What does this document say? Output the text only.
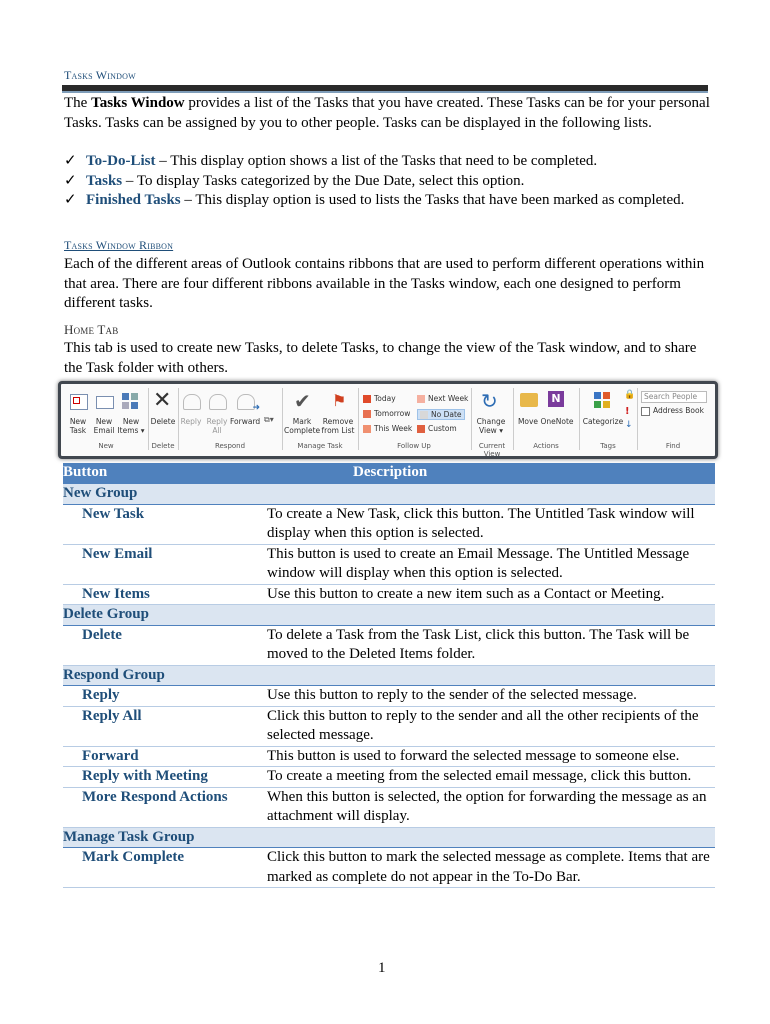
Tasks Window
The Tasks Window provides a list of the Tasks that you have created. These Tasks can be for your personal Tasks. Tasks can be assigned by you to other people. Tasks can be displayed in the following lists.
✓ To-Do-List – This display option shows a list of the Tasks that need to be completed.
✓ Tasks – To display Tasks categorized by the Due Date, select this option.
✓ Finished Tasks – This display option is used to lists the Tasks that have been marked as completed.
Tasks Window Ribbon
Each of the different areas of Outlook contains ribbons that are used to perform different operations within that area. There are four different ribbons available in the Tasks window, each one designed to perform different tasks.
Home Tab
This tab is used to create new Tasks, to delete Tasks, to change the view of the Task window, and to share the Task folder with others.
New
Task
New
Email
New
Items ▾
New
✕
Delete
Delete
Reply Reply
All
➜
Forward ⧉▾
Respond
✔
Mark
Complete
⚑
Remove
from List
Manage Task
Today
Tomorrow
This Week
Next Week
No Date
Custom
Follow Up
↻
Change
View ▾
Current View
Move
N
OneNote
Actions
Categorize
🔒
!
↓
Tags
Search People
Address Book
Find
Button	Description
New Group	
New Task	To create a New Task, click this button. The Untitled Task window will display when this option is selected.
New Email	This button is used to create an Email Message. The Untitled Message window will display when this option is selected.
New Items	Use this button to create a new item such as a Contact or Meeting.
Delete Group	
Delete	To delete a Task from the Task List, click this button. The Task will be moved to the Deleted Items folder.
Respond Group	
Reply	Use this button to reply to the sender of the selected message.
Reply All	Click this button to reply to the sender and all the other recipients of the selected message.
Forward	This button is used to forward the selected message to someone else.
Reply with Meeting	To create a meeting from the selected email message, click this button.
More Respond Actions	When this button is selected, the option for forwarding the message as an attachment will display.
Manage Task Group	
Mark Complete	Click this button to mark the selected message as complete. Items that are marked as complete do not appear in the To-Do Bar.
1
